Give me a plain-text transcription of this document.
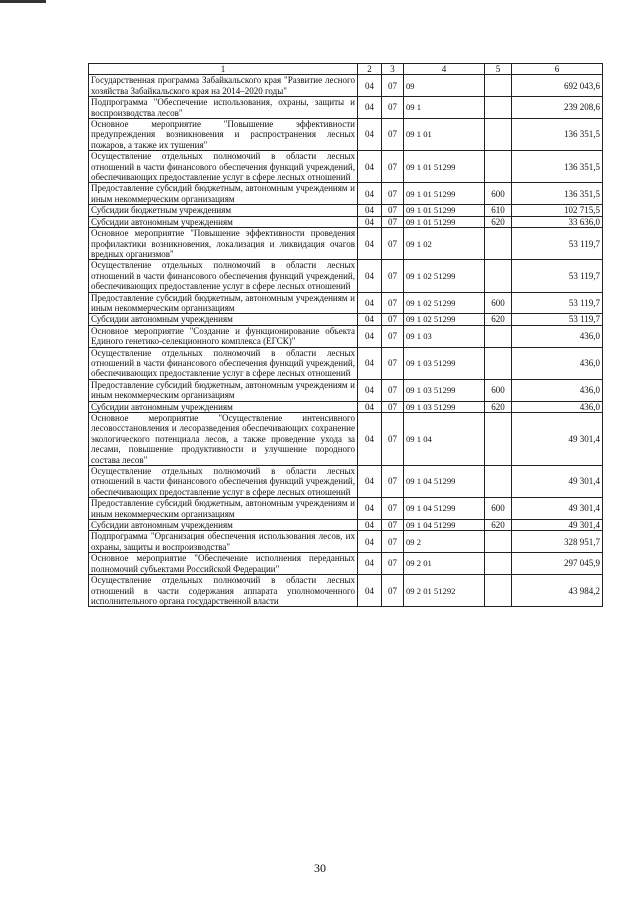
1	2	3	4	5	6
Государственная программа Забайкальского края "Развитие лесного хозяйства Забайкальского края на 2014–2020 годы"	04	07	09		692 043,6
Подпрограмма "Обеспечение использования, охраны, защиты и воспроизводства лесов"	04	07	09 1		239 208,6
Основное мероприятие "Повышение эффективности предупреждения возникновения и распространения лесных пожаров, а также их тушения"	04	07	09 1 01		136 351,5
Осуществление отдельных полномочий в области лесных отношений в части финансового обеспечения функций учреждений, обеспечивающих предоставление услуг в сфере лесных отношений	04	07	09 1 01 51299		136 351,5
Предоставление субсидий бюджетным, автономным учреждениям и иным некоммерческим организациям	04	07	09 1 01 51299	600	136 351,5
Субсидии бюджетным учреждениям	04	07	09 1 01 51299	610	102 715,5
Субсидии автономным учреждениям	04	07	09 1 01 51299	620	33 636,0
Основное мероприятие "Повышение эффективности проведения профилактики возникновения, локализация и ликвидация очагов вредных организмов"	04	07	09 1 02		53 119,7
Осуществление отдельных полномочий в области лесных отношений в части финансового обеспечения функций учреждений, обеспечивающих предоставление услуг в сфере лесных отношений	04	07	09 1 02 51299		53 119,7
Предоставление субсидий бюджетным, автономным учреждениям и иным некоммерческим организациям	04	07	09 1 02 51299	600	53 119,7
Субсидии автономным учреждениям	04	07	09 1 02 51299	620	53 119,7
Основное мероприятие "Создание и функционирование объекта Единого генетико-селекционного комплекса (ЕГСК)"	04	07	09 1 03		436,0
Осуществление отдельных полномочий в области лесных отношений в части финансового обеспечения функций учреждений, обеспечивающих предоставление услуг в сфере лесных отношений	04	07	09 1 03 51299		436,0
Предоставление субсидий бюджетным, автономным учреждениям и иным некоммерческим организациям	04	07	09 1 03 51299	600	436,0
Субсидии автономным учреждениям	04	07	09 1 03 51299	620	436,0
Основное мероприятие "Осуществление интенсивного лесовосстановления и лесоразведения обеспечивающих сохранение экологического потенциала лесов, а также проведение ухода за лесами, повышение продуктивности и улучшение породного состава лесов"	04	07	09 1 04		49 301,4
Осуществление отдельных полномочий в области лесных отношений в части финансового обеспечения функций учреждений, обеспечивающих предоставление услуг в сфере лесных отношений	04	07	09 1 04 51299		49 301,4
Предоставление субсидий бюджетным, автономным учреждениям и иным некоммерческим организациям	04	07	09 1 04 51299	600	49 301,4
Субсидии автономным учреждениям	04	07	09 1 04 51299	620	49 301,4
Подпрограмма "Организация обеспечения использования лесов, их охраны, защиты и воспроизводства"	04	07	09 2		328 951,7
Основное мероприятие "Обеспечение исполнения переданных полномочий субъектами Российской Федерации"	04	07	09 2 01		297 045,9
Осуществление отдельных полномочий в области лесных отношений в части содержания аппарата уполномоченного исполнительного органа государственной власти	04	07	09 2 01 51292		43 984,2
30
